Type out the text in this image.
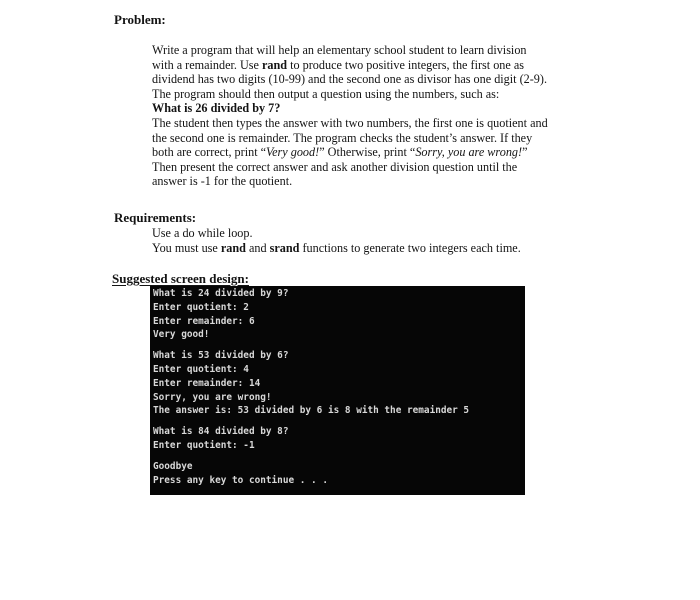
Problem:
Write a program that will help an elementary school student to learn division
with a remainder. Use rand to produce two positive integers, the first one as
dividend has two digits (10-99) and the second one as divisor has one digit (2-9).
The program should then output a question using the numbers, such as:
What is 26 divided by 7?
The student then types the answer with two numbers, the first one is quotient and
the second one is remainder. The program checks the student’s answer. If they
both are correct, print “Very good!” Otherwise, print “Sorry, you are wrong!”
Then present the correct answer and ask another division question until the
answer is -1 for the quotient.
Requirements:
Use a do while loop.
You must use rand and srand functions to generate two integers each time.
Suggested screen design:
What is 24 divided by 9?
Enter quotient: 2
Enter remainder: 6
Very good!
What is 53 divided by 6?
Enter quotient: 4
Enter remainder: 14
Sorry, you are wrong!
The answer is: 53 divided by 6 is 8 with the remainder 5
What is 84 divided by 8?
Enter quotient: -1
Goodbye
Press any key to continue . . .
